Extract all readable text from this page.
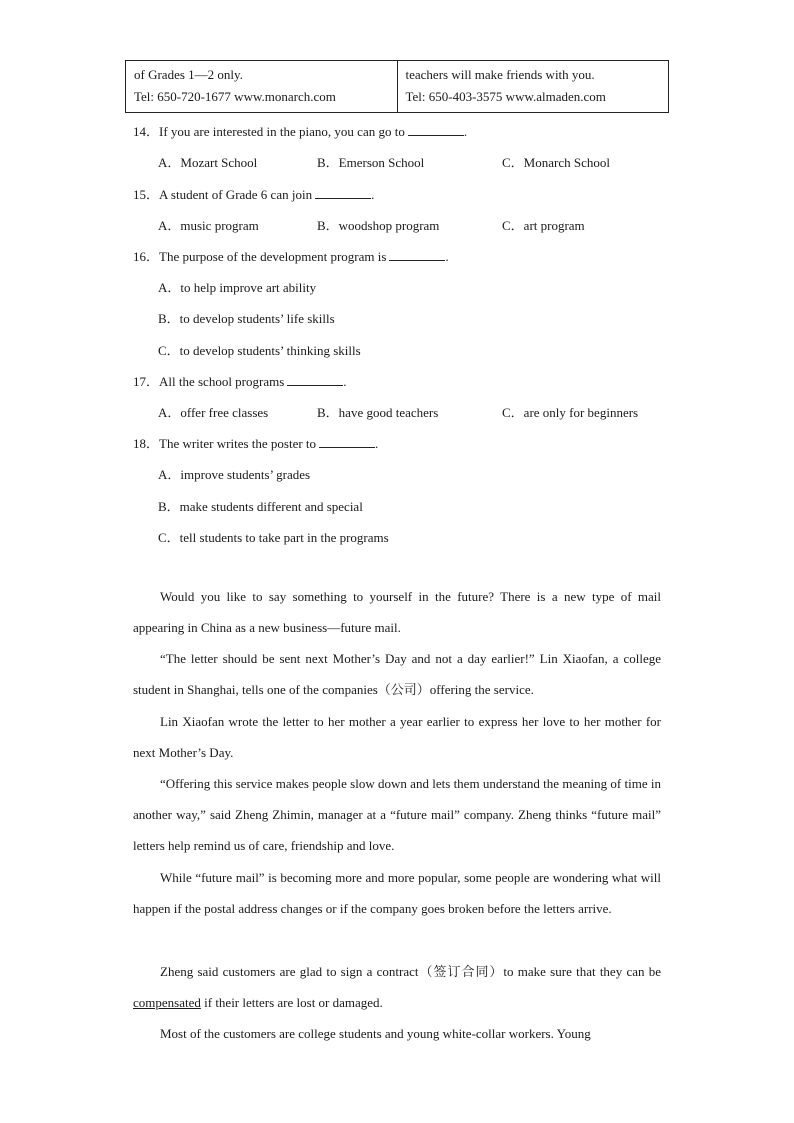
of Grades 1—2 only.
Tel: 650-720-1677 www.monarch.com

teachers will make friends with you.
Tel: 650-403-3575 www.almaden.com
14．If you are interested in the piano, you can go to	.
A．Mozart School	B．Emerson School	C．Monarch School
15．A student of Grade 6 can join	.
A．music program	B．woodshop program	C．art program
16．The purpose of the development program is	.
A．to help improve art ability
B．to develop students’ life skills
C．to develop students’ thinking skills
17．All the school programs	.
A．offer free classes	B．have good teachers	C．are only for beginners
18．The writer writes the poster to	.
A．improve students’ grades
B．make students different and special
C．tell students to take part in the programs
Would you like to say something to yourself in the future? There is a new type of mail appearing in China as a new business—future mail.
“The letter should be sent next Mother’s Day and not a day earlier!” Lin Xiaofan, a college student in Shanghai, tells one of the companies（公司）offering the service.
Lin Xiaofan wrote the letter to her mother a year earlier to express her love to her mother for next Mother’s Day.
“Offering this service makes people slow down and lets them understand the meaning of time in another way,” said Zheng Zhimin, manager at a “future mail” company. Zheng thinks “future mail” letters help remind us of care, friendship and love.
While “future mail” is becoming more and more popular, some people are wondering what will happen if the postal address changes or if the company goes broken before the letters arrive.
Zheng said customers are glad to sign a contract（签订合同）to make sure that they can be compensated if their letters are lost or damaged.
Most of the customers are college students and young white-collar workers. Young
